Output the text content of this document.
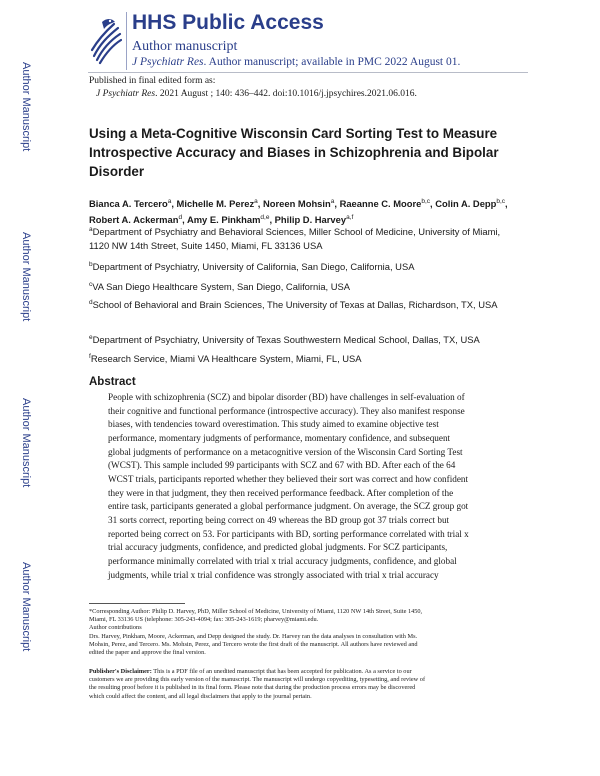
Author Manuscript
Author Manuscript
Author Manuscript
Author Manuscript
HHS Public Access
Author manuscript
J Psychiatr Res. Author manuscript; available in PMC 2022 August 01.
Published in final edited form as:
J Psychiatr Res. 2021 August ; 140: 436–442. doi:10.1016/j.jpsychires.2021.06.016.
Using a Meta-Cognitive Wisconsin Card Sorting Test to Measure Introspective Accuracy and Biases in Schizophrenia and Bipolar Disorder
Bianca A. Tercero$^a$, Michelle M. Perez$^a$, Noreen Mohsin$^a$, Raeanne C. Moore$^{b,c}$, Colin A. Depp$^{b,c}$, Robert A. Ackerman$^d$, Amy E. Pinkham$^{d,e}$, Philip D. Harvey$^{a,f}$
$^a$Department of Psychiatry and Behavioral Sciences, Miller School of Medicine, University of Miami, 1120 NW 14th Street, Suite 1450, Miami, FL 33136 USA
$^b$Department of Psychiatry, University of California, San Diego, California, USA
$^c$VA San Diego Healthcare System, San Diego, California, USA
$^d$School of Behavioral and Brain Sciences, The University of Texas at Dallas, Richardson, TX, USA
$^e$Department of Psychiatry, University of Texas Southwestern Medical School, Dallas, TX, USA
$^f$Research Service, Miami VA Healthcare System, Miami, FL, USA
Abstract
People with schizophrenia (SCZ) and bipolar disorder (BD) have challenges in self-evaluation of
their cognitive and functional performance (introspective accuracy). They also manifest response
biases, with tendencies toward overestimation. This study aimed to examine objective test
performance, momentary judgments of performance, momentary confidence, and subsequent
global judgments of performance on a metacognitive version of the Wisconsin Card Sorting Test
(WCST). This sample included 99 participants with SCZ and 67 with BD. After each of the 64
WCST trials, participants reported whether they believed their sort was correct and how confident
they were in that judgment, they then received performance feedback. After completion of the
entire task, participants generated a global performance judgment. On average, the SCZ group got
31 sorts correct, reporting being correct on 49 whereas the BD group got 37 trials correct but
reported being correct on 53. For participants with BD, sorting performance correlated with trial x
trial accuracy judgments, confidence, and predicted global judgments. For SCZ participants,
performance minimally correlated with trial x trial accuracy judgments, confidence, and global
judgments, while trial x trial confidence was strongly associated with trial x trial accuracy
*Corresponding Author: Philip D. Harvey, PhD, Miller School of Medicine, University of Miami, 1120 NW 14th Street, Suite 1450,
Miami, FL 33136 US (telephone: 305-243-4094; fax: 305-243-1619; pharvey@miami.edu.
Author contributions
Drs. Harvey, Pinkham, Moore, Ackerman, and Depp designed the study. Dr. Harvey ran the data analyses in consultation with Ms.
Mohsin, Perez, and Tercero. Ms. Mohsin, Perez, and Tercero wrote the first draft of the manuscript. All authors have reviewed and
edited the paper and approve the final version.
Publisher's Disclaimer: This is a PDF file of an unedited manuscript that has been accepted for publication. As a service to our
customers we are providing this early version of the manuscript. The manuscript will undergo copyediting, typesetting, and review of
the resulting proof before it is published in its final form. Please note that during the production process errors may be discovered
which could affect the content, and all legal disclaimers that apply to the journal pertain.
